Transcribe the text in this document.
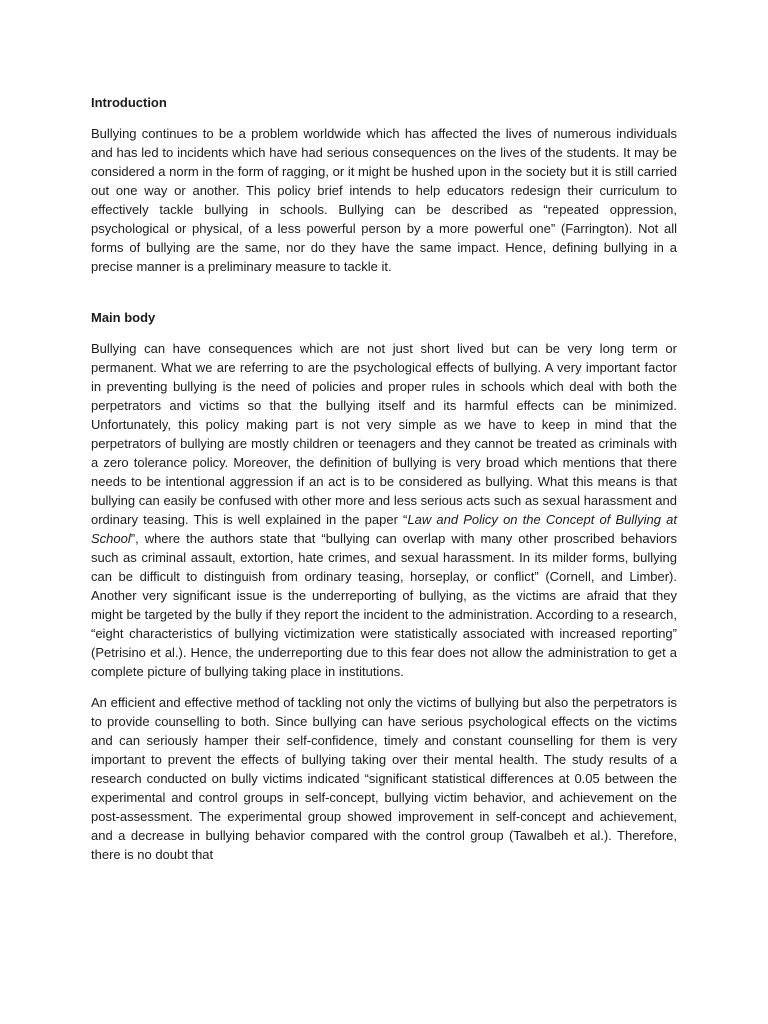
Introduction

Bullying continues to be a problem worldwide which has affected the lives of numerous individuals and has led to incidents which have had serious consequences on the lives of the students. It may be considered a norm in the form of ragging, or it might be hushed upon in the society but it is still carried out one way or another. This policy brief intends to help educators redesign their curriculum to effectively tackle bullying in schools. Bullying can be described as “repeated oppression, psychological or physical, of a less powerful person by a more powerful one” (Farrington). Not all forms of bullying are the same, nor do they have the same impact. Hence, defining bullying in a precise manner is a preliminary measure to tackle it.

Main body

Bullying can have consequences which are not just short lived but can be very long term or permanent. What we are referring to are the psychological effects of bullying. A very important factor in preventing bullying is the need of policies and proper rules in schools which deal with both the perpetrators and victims so that the bullying itself and its harmful effects can be minimized. Unfortunately, this policy making part is not very simple as we have to keep in mind that the perpetrators of bullying are mostly children or teenagers and they cannot be treated as criminals with a zero tolerance policy. Moreover, the definition of bullying is very broad which mentions that there needs to be intentional aggression if an act is to be considered as bullying. What this means is that bullying can easily be confused with other more and less serious acts such as sexual harassment and ordinary teasing. This is well explained in the paper “Law and Policy on the Concept of Bullying at School”, where the authors state that “bullying can overlap with many other proscribed behaviors such as criminal assault, extortion, hate crimes, and sexual harassment. In its milder forms, bullying can be difficult to distinguish from ordinary teasing, horseplay, or conflict” (Cornell, and Limber). Another very significant issue is the underreporting of bullying, as the victims are afraid that they might be targeted by the bully if they report the incident to the administration. According to a research, “eight characteristics of bullying victimization were statistically associated with increased reporting” (Petrisino et al.). Hence, the underreporting due to this fear does not allow the administration to get a complete picture of bullying taking place in institutions.

An efficient and effective method of tackling not only the victims of bullying but also the perpetrators is to provide counselling to both. Since bullying can have serious psychological effects on the victims and can seriously hamper their self-confidence, timely and constant counselling for them is very important to prevent the effects of bullying taking over their mental health. The study results of a research conducted on bully victims indicated “significant statistical differences at 0.05 between the experimental and control groups in self-concept, bullying victim behavior, and achievement on the post-assessment. The experimental group showed improvement in self-concept and achievement, and a decrease in bullying behavior compared with the control group (Tawalbeh et al.). Therefore, there is no doubt that
